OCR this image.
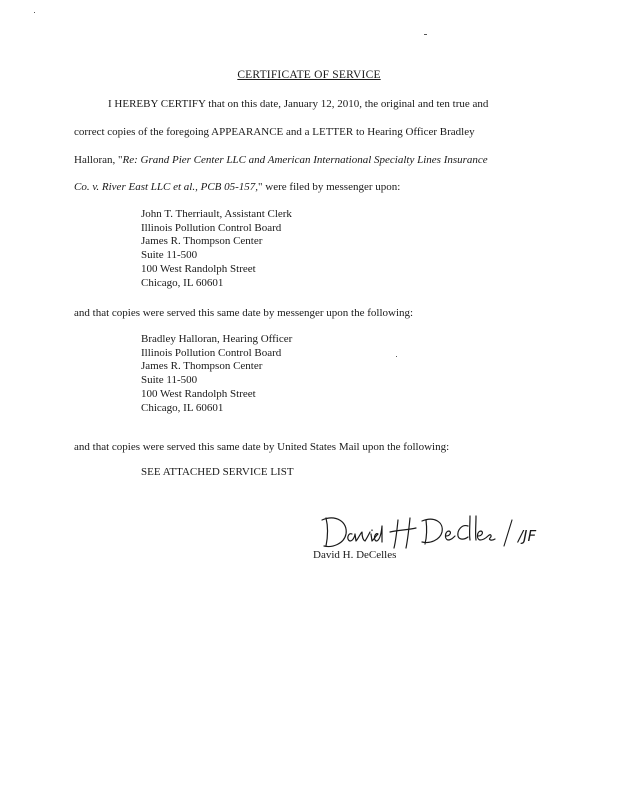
CERTIFICATE OF SERVICE
I HEREBY CERTIFY that on this date, January 12, 2010, the original and ten true and
correct copies of the foregoing APPEARANCE and a LETTER to Hearing Officer Bradley
Halloran, "Re: Grand Pier Center LLC and American International Specialty Lines Insurance
Co. v. River East LLC et al., PCB 05-157," were filed by messenger upon:
John T. Therriault, Assistant Clerk
Illinois Pollution Control Board
James R. Thompson Center
Suite 11-500
100 West Randolph Street
Chicago, IL 60601
and that copies were served this same date by messenger upon the following:
Bradley Halloran, Hearing Officer
Illinois Pollution Control Board
James R. Thompson Center
Suite 11-500
100 West Randolph Street
Chicago, IL 60601
and that copies were served this same date by United States Mail upon the following:
SEE ATTACHED SERVICE LIST
/JF
David H. DeCelles
